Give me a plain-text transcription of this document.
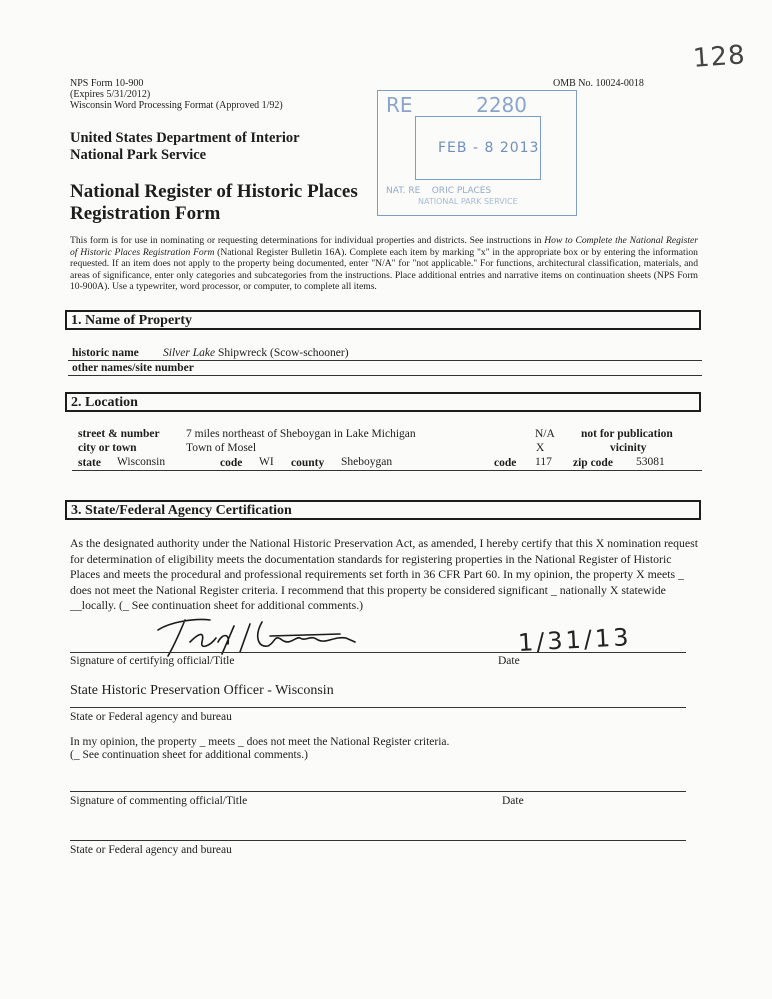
128
NPS Form 10-900
(Expires 5/31/2012)
Wisconsin Word Processing Format (Approved 1/92)
OMB No. 10024-0018
United States Department of Interior
National Park Service
National Register of Historic Places
Registration Form
RE          2280
FEB - 8 2013
NAT. RE    ORIC PLACES
NATIONAL PARK SERVICE
This form is for use in nominating or requesting determinations for individual properties and districts. See instructions in How to Complete the National Register of Historic Places Registration Form (National Register Bulletin 16A). Complete each item by marking "x" in the appropriate box or by entering the information requested. If an item does not apply to the property being documented, enter "N/A" for "not applicable." For functions, architectural classification, materials, and areas of significance, enter only categories and subcategories from the instructions. Place additional entries and narrative items on continuation sheets (NPS Form 10-900A). Use a typewriter, word processor, or computer, to complete all items.
1. Name of Property
historic name Silver Lake Shipwreck (Scow-schooner)
other names/site number
2. Location
street & number 7 miles northeast of Sheboygan in Lake Michigan	N/A not for publication
city or town	Town of Mosel	X	vicinity
state Wisconsin	code WI county Sheboygan	code 117 zip code 53081
3. State/Federal Agency Certification
As the designated authority under the National Historic Preservation Act, as amended, I hereby certify that this X nomination request for determination of eligibility meets the documentation standards for registering properties in the National Register of Historic Places and meets the procedural and professional requirements set forth in 36 CFR Part 60. In my opinion, the property X meets _ does not meet the National Register criteria. I recommend that this property be considered significant _ nationally X statewide __locally. (_ See continuation sheet for additional comments.)
Signature of certifying official/Title	Date
1/31/13
State Historic Preservation Officer - Wisconsin
State or Federal agency and bureau
In my opinion, the property _ meets _ does not meet the National Register criteria.
(_ See continuation sheet for additional comments.)
Signature of commenting official/Title	Date
State or Federal agency and bureau
